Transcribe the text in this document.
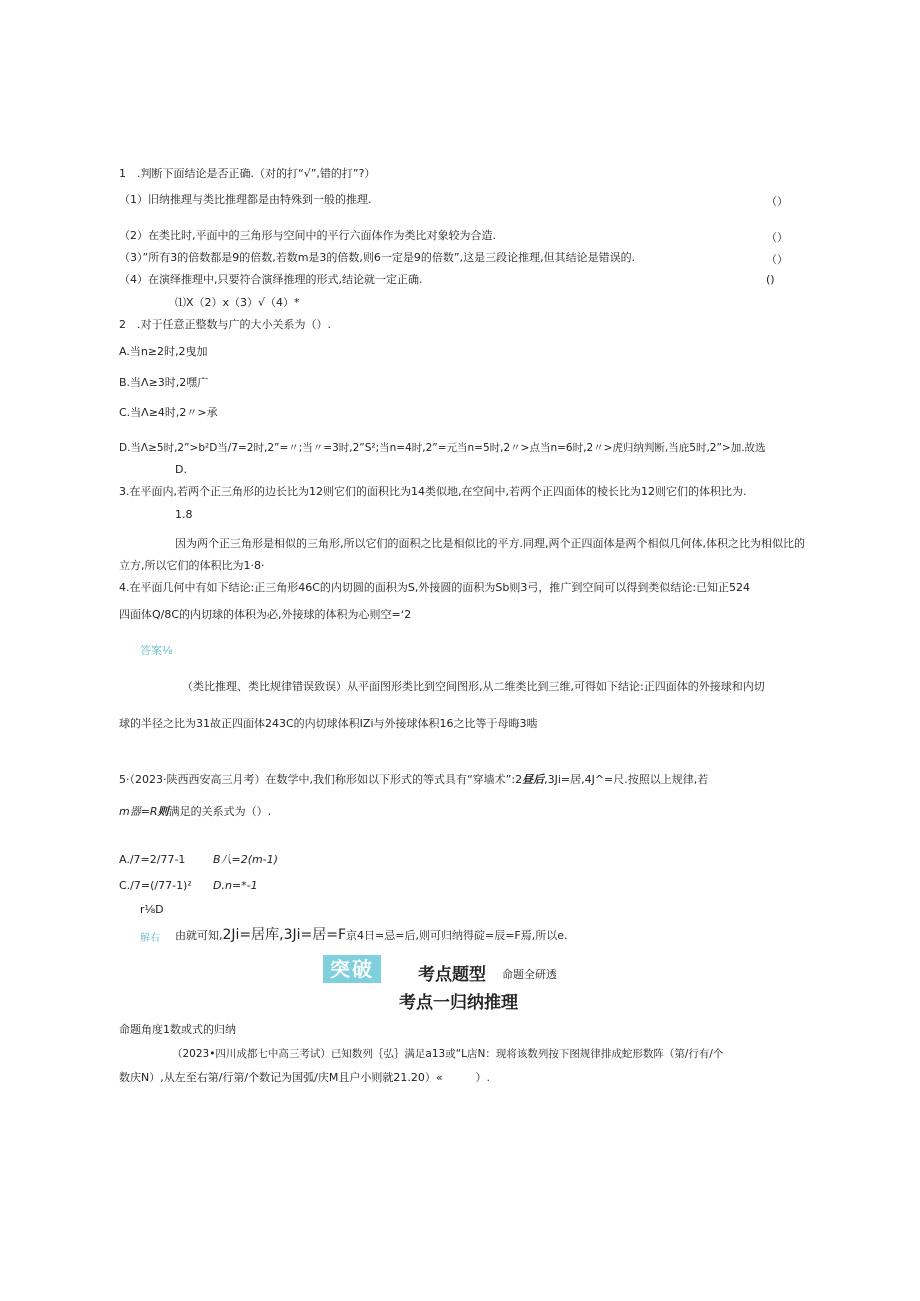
1　.判断下面结论是否正确.（对的打“√”,错的打”?）
（1）旧纳推理与类比推理都是由特殊到一般的推理.	（）
（2）在类比时,平面中的三角形与空间中的平行六面体作为类比对象较为合造.	（）
（3）”所有3的倍数都是9的倍数,若数m是3的倍数,则6一定是9的倍数”,这是三段论推理,但其结论是错误的.	（）
（4）在演绎推理中,只要符合演绎推理的形式,结论就一定正确.	()
⑴X（2）x（3）√（4）*
2　.对于任意正整数与广的大小关系为（）.
A.当n≥2时,2曳加
B.当Λ≥3时,2嘿广
C.当Λ≥4时,2〃>承
D.当Λ≥5时,2”>b²D当/7=2时,2”=〃;当〃=3时,2”S²;当n=4时,2”=元当n=5时,2〃>点当n=6时,2〃>虎归纳判断,当庇5时,2”>加.故选
D.
3.在平面内,若两个正三角形的边长比为12则它们的面积比为14类似地,在空间中,若两个正四面体的棱长比为12则它们的体积比为.
1.8
因为两个正三角形是相似的三角形,所以它们的面积之比是相似比的平方.同理,两个正四面体是两个相似几何体,体积之比为相似比的
立方,所以它们的体积比为1·8·
4.在平面几何中有如下结论:正三角形46C的内切圆的面积为S,外接圆的面积为Sb则3弓，推广到空间可以得到类似结论:已知正524
四面体Q/8C的内切球的体积为必,外接球的体积为心则空=ʻ2
答案⅛
（类比推理、类比规律错误致误）从平面图形类比到空间图形,从二维类比到三维,可得如下结论:正四面体的外接球和内切
球的半径之比为31故正四面体243C的内切球体积IZi与外接球体积16之比等于母晦3啮
5·（2023·陕西西安高三月考）在数学中,我们称形如以下形式的等式具有“穿墙术”:2昼后,3Ji=居,4J^=尺.按照以上规律,若
m器=R则满足的关系式为（）.
A./7=2/77-1	B八=2(m-1)
C./7=(/77-1)² D.n=*-1
r⅛D
解右 由就可知,2Ji=居库,3Ji=居=F京4日=忌=后,则可归纳得碇=辰=F焉,所以e.
突破	考点题型 命题全研透
考点一归纳推理
命题角度1数或式的归纳
（2023•四川成都七中高三考试）已知数列｛弘｝满足a13或“L店N：现将该数列按下图规律排成蛇形数阵（第/行有/个
数庆N）,从左至右第/行第/个数记为国弧/庆M且户小则就21.20）«　　　）.
